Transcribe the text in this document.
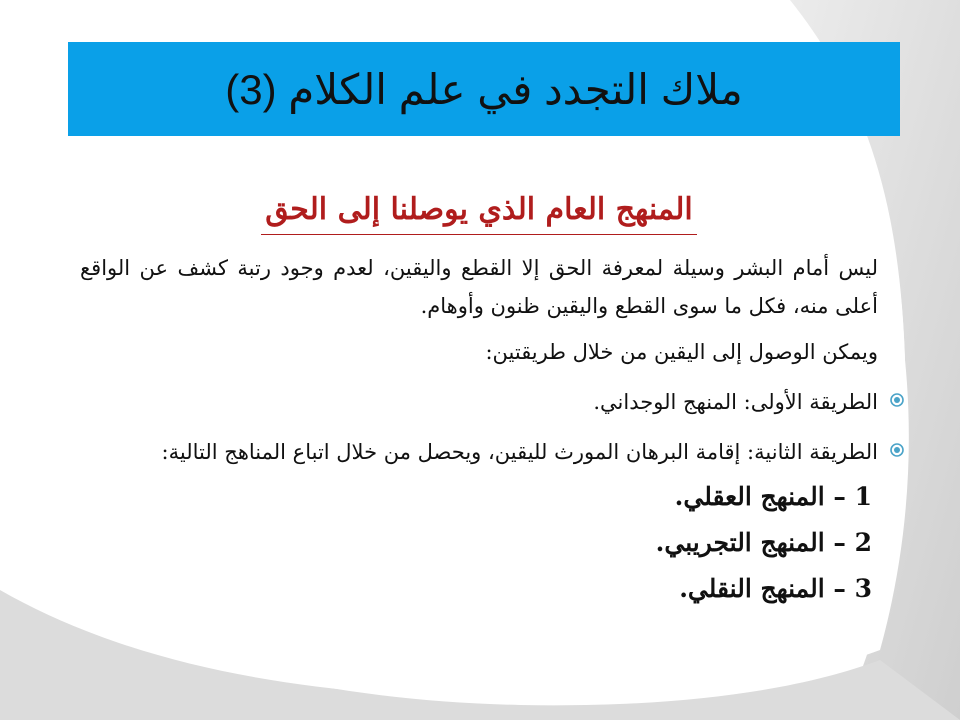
ملاك التجدد في علم الكلام (3)
المنهج العام الذي يوصلنا إلى الحق

ليس أمام البشر وسيلة لمعرفة الحق إلا القطع واليقين، لعدم وجود رتبة كشف عن الواقع أعلى منه، فكل ما سوى القطع واليقين ظنون وأوهام.

ويمكن الوصول إلى اليقين من خلال طريقتين:

الطريقة الأولى: المنهج الوجداني.
الطريقة الثانية: إقامة البرهان المورث لليقين، ويحصل من خلال اتباع المناهج التالية:
1 – المنهج العقلي.
2 – المنهج التجريبي.
3 – المنهج النقلي.
